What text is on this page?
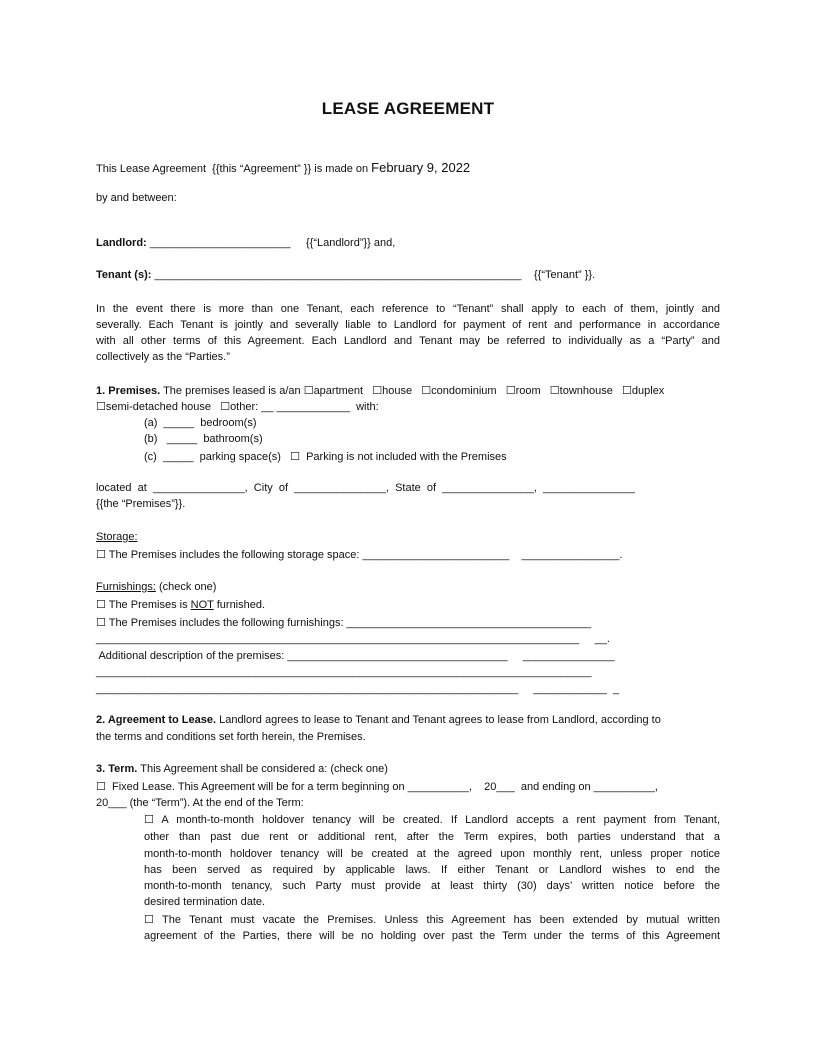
LEASE AGREEMENT
This Lease Agreement  {{this “Agreement” }} is made on February 9, 2022
by and between:
Landlord: _______________________ {{“Landlord”}} and,
Tenant (s): ____________________________________________________________ {{“Tenant” }}.
In the event there is more than one Tenant, each reference to “Tenant” shall apply to each of them, jointly and
severally. Each Tenant is jointly and severally liable to Landlord for payment of rent and performance in accordance
with all other terms of this Agreement. Each Landlord and Tenant may be referred to individually as a “Party” and
collectively as the “Parties.”
1. Premises. The premises leased is a/an ☐apartment   ☐house   ☐condominium   ☐room   ☐townhouse   ☐duplex
☐semi-detached house   ☐other: __ ____________  with:
(a)  _____  bedroom(s)
(b)   _____  bathroom(s)
(c)  _____  parking space(s)   ☐  Parking is not included with the Premises
located  at  _______________,  City  of  _______________,  State  of  _______________,  _______________
{{the “Premises”}}.
Storage:
☐ The Premises includes the following storage space: ________________________    ________________.
Furnishings: (check one)
☐ The Premises is NOT furnished.
☐ The Premises includes the following furnishings: ________________________________________
_______________________________________________________________________________     __.
Additional description of the premises: ____________________________________     _______________
_________________________________________________________________________________
_____________________________________________________________________     ____________  _
2. Agreement to Lease. Landlord agrees to lease to Tenant and Tenant agrees to lease from Landlord, according to
the terms and conditions set forth herein, the Premises.
3. Term. This Agreement shall be considered a: (check one)
☐  Fixed Lease. This Agreement will be for a term beginning on __________,    20___  and ending on __________,
20___ (the “Term”). At the end of the Term:
☐ A month-to-month holdover tenancy will be created. If Landlord accepts a rent payment from Tenant,
other than past due rent or additional rent, after the Term expires, both parties understand that a
month-to-month holdover tenancy will be created at the agreed upon monthly rent, unless proper notice
has been served as required by applicable laws. If either Tenant or Landlord wishes to end the
month-to-month tenancy, such Party must provide at least thirty (30) days’ written notice before the
desired termination date.
☐ The Tenant must vacate the Premises. Unless this Agreement has been extended by mutual written
agreement of the Parties, there will be no holding over past the Term under the terms of this Agreement
